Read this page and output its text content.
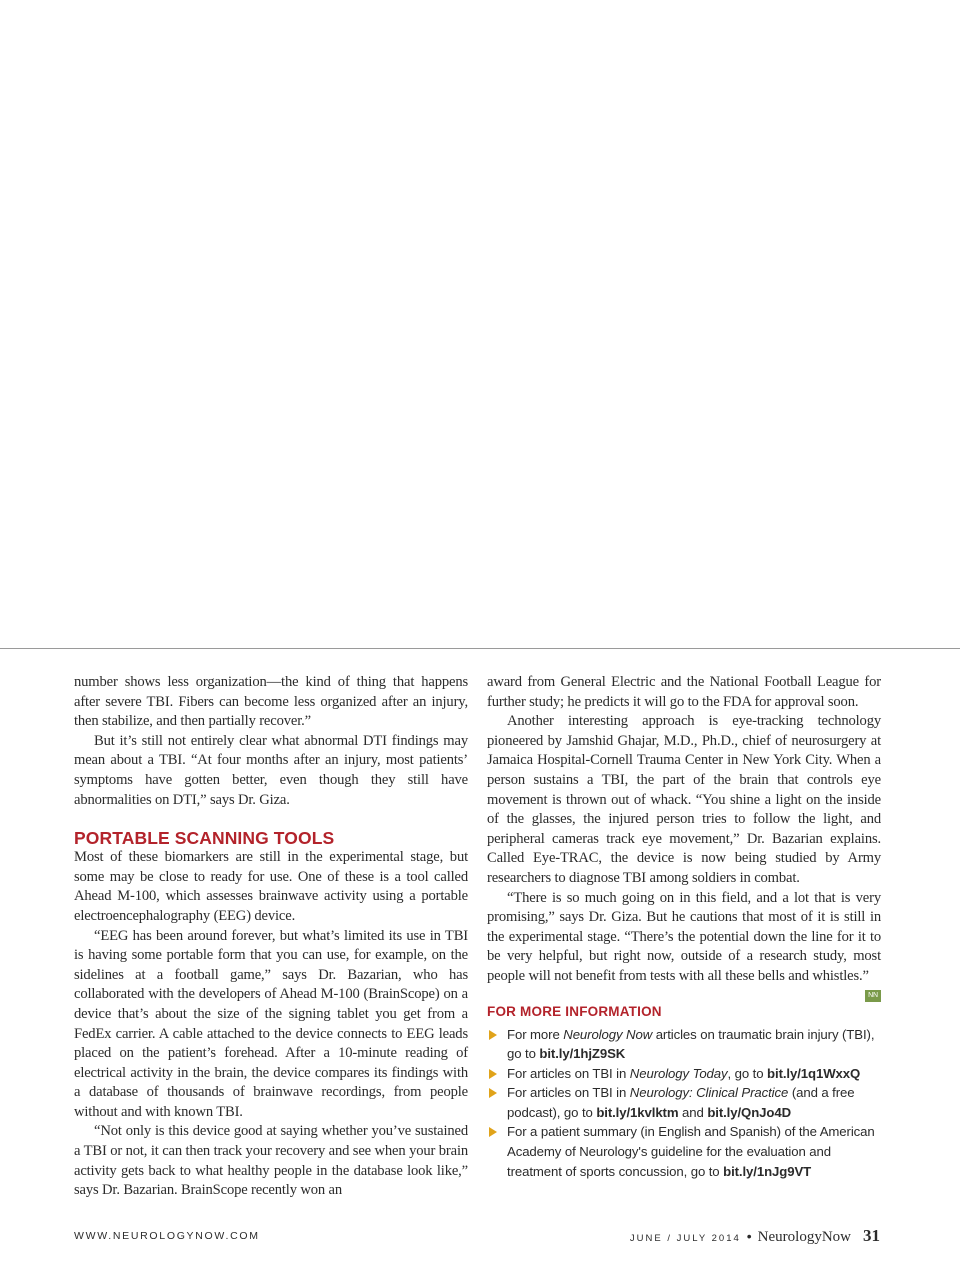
number shows less organization—the kind of thing that happens after severe TBI. Fibers can become less organized after an injury, then stabilize, and then partially recover.”

But it’s still not entirely clear what abnormal DTI findings may mean about a TBI. “At four months after an injury, most patients’ symptoms have gotten better, even though they still have abnormalities on DTI,” says Dr. Giza.

PORTABLE SCANNING TOOLS

Most of these biomarkers are still in the experimental stage, but some may be close to ready for use. One of these is a tool called Ahead M-100, which assesses brainwave activity using a portable electroencephalography (EEG) device.

“EEG has been around forever, but what’s limited its use in TBI is having some portable form that you can use, for example, on the sidelines at a football game,” says Dr. Bazarian, who has collaborated with the developers of Ahead M-100 (BrainScope) on a device that’s about the size of the signing tablet you get from a FedEx carrier. A cable attached to the device connects to EEG leads placed on the patient’s forehead. After a 10-minute reading of electrical activity in the brain, the device compares its findings with a database of thousands of brainwave recordings, from people without and with known TBI.

“Not only is this device good at saying whether you’ve sustained a TBI or not, it can then track your recovery and see when your brain activity gets back to what healthy people in the database look like,” says Dr. Bazarian. BrainScope recently won an

award from General Electric and the National Football League for further study; he predicts it will go to the FDA for approval soon.

Another interesting approach is eye-tracking technology pioneered by Jamshid Ghajar, M.D., Ph.D., chief of neurosurgery at Jamaica Hospital-Cornell Trauma Center in New York City. When a person sustains a TBI, the part of the brain that controls eye movement is thrown out of whack. “You shine a light on the inside of the glasses, the injured person tries to follow the light, and peripheral cameras track eye movement,” Dr. Bazarian explains. Called Eye-TRAC, the device is now being studied by Army researchers to diagnose TBI among soldiers in combat.

“There is so much going on in this field, and a lot that is very promising,” says Dr. Giza. But he cautions that most of it is still in the experimental stage. “There’s the potential down the line for it to be very helpful, but right now, outside of a research study, most people will not benefit from tests with all these bells and whistles.”
NN

FOR MORE INFORMATION
For more Neurology Now articles on traumatic brain injury (TBI), go to bit.ly/1hjZ9SK
For articles on TBI in Neurology Today, go to bit.ly/1q1WxxQ
For articles on TBI in Neurology: Clinical Practice (and a free podcast), go to bit.ly/1kvlktm and bit.ly/QnJo4D
For a patient summary (in English and Spanish) of the American Academy of Neurology's guideline for the evaluation and treatment of sports concussion, go to bit.ly/1nJg9VT
WWW.NEUROLOGYNOW.COM	JUNE / JULY 2014 • NeurologyNow 31
